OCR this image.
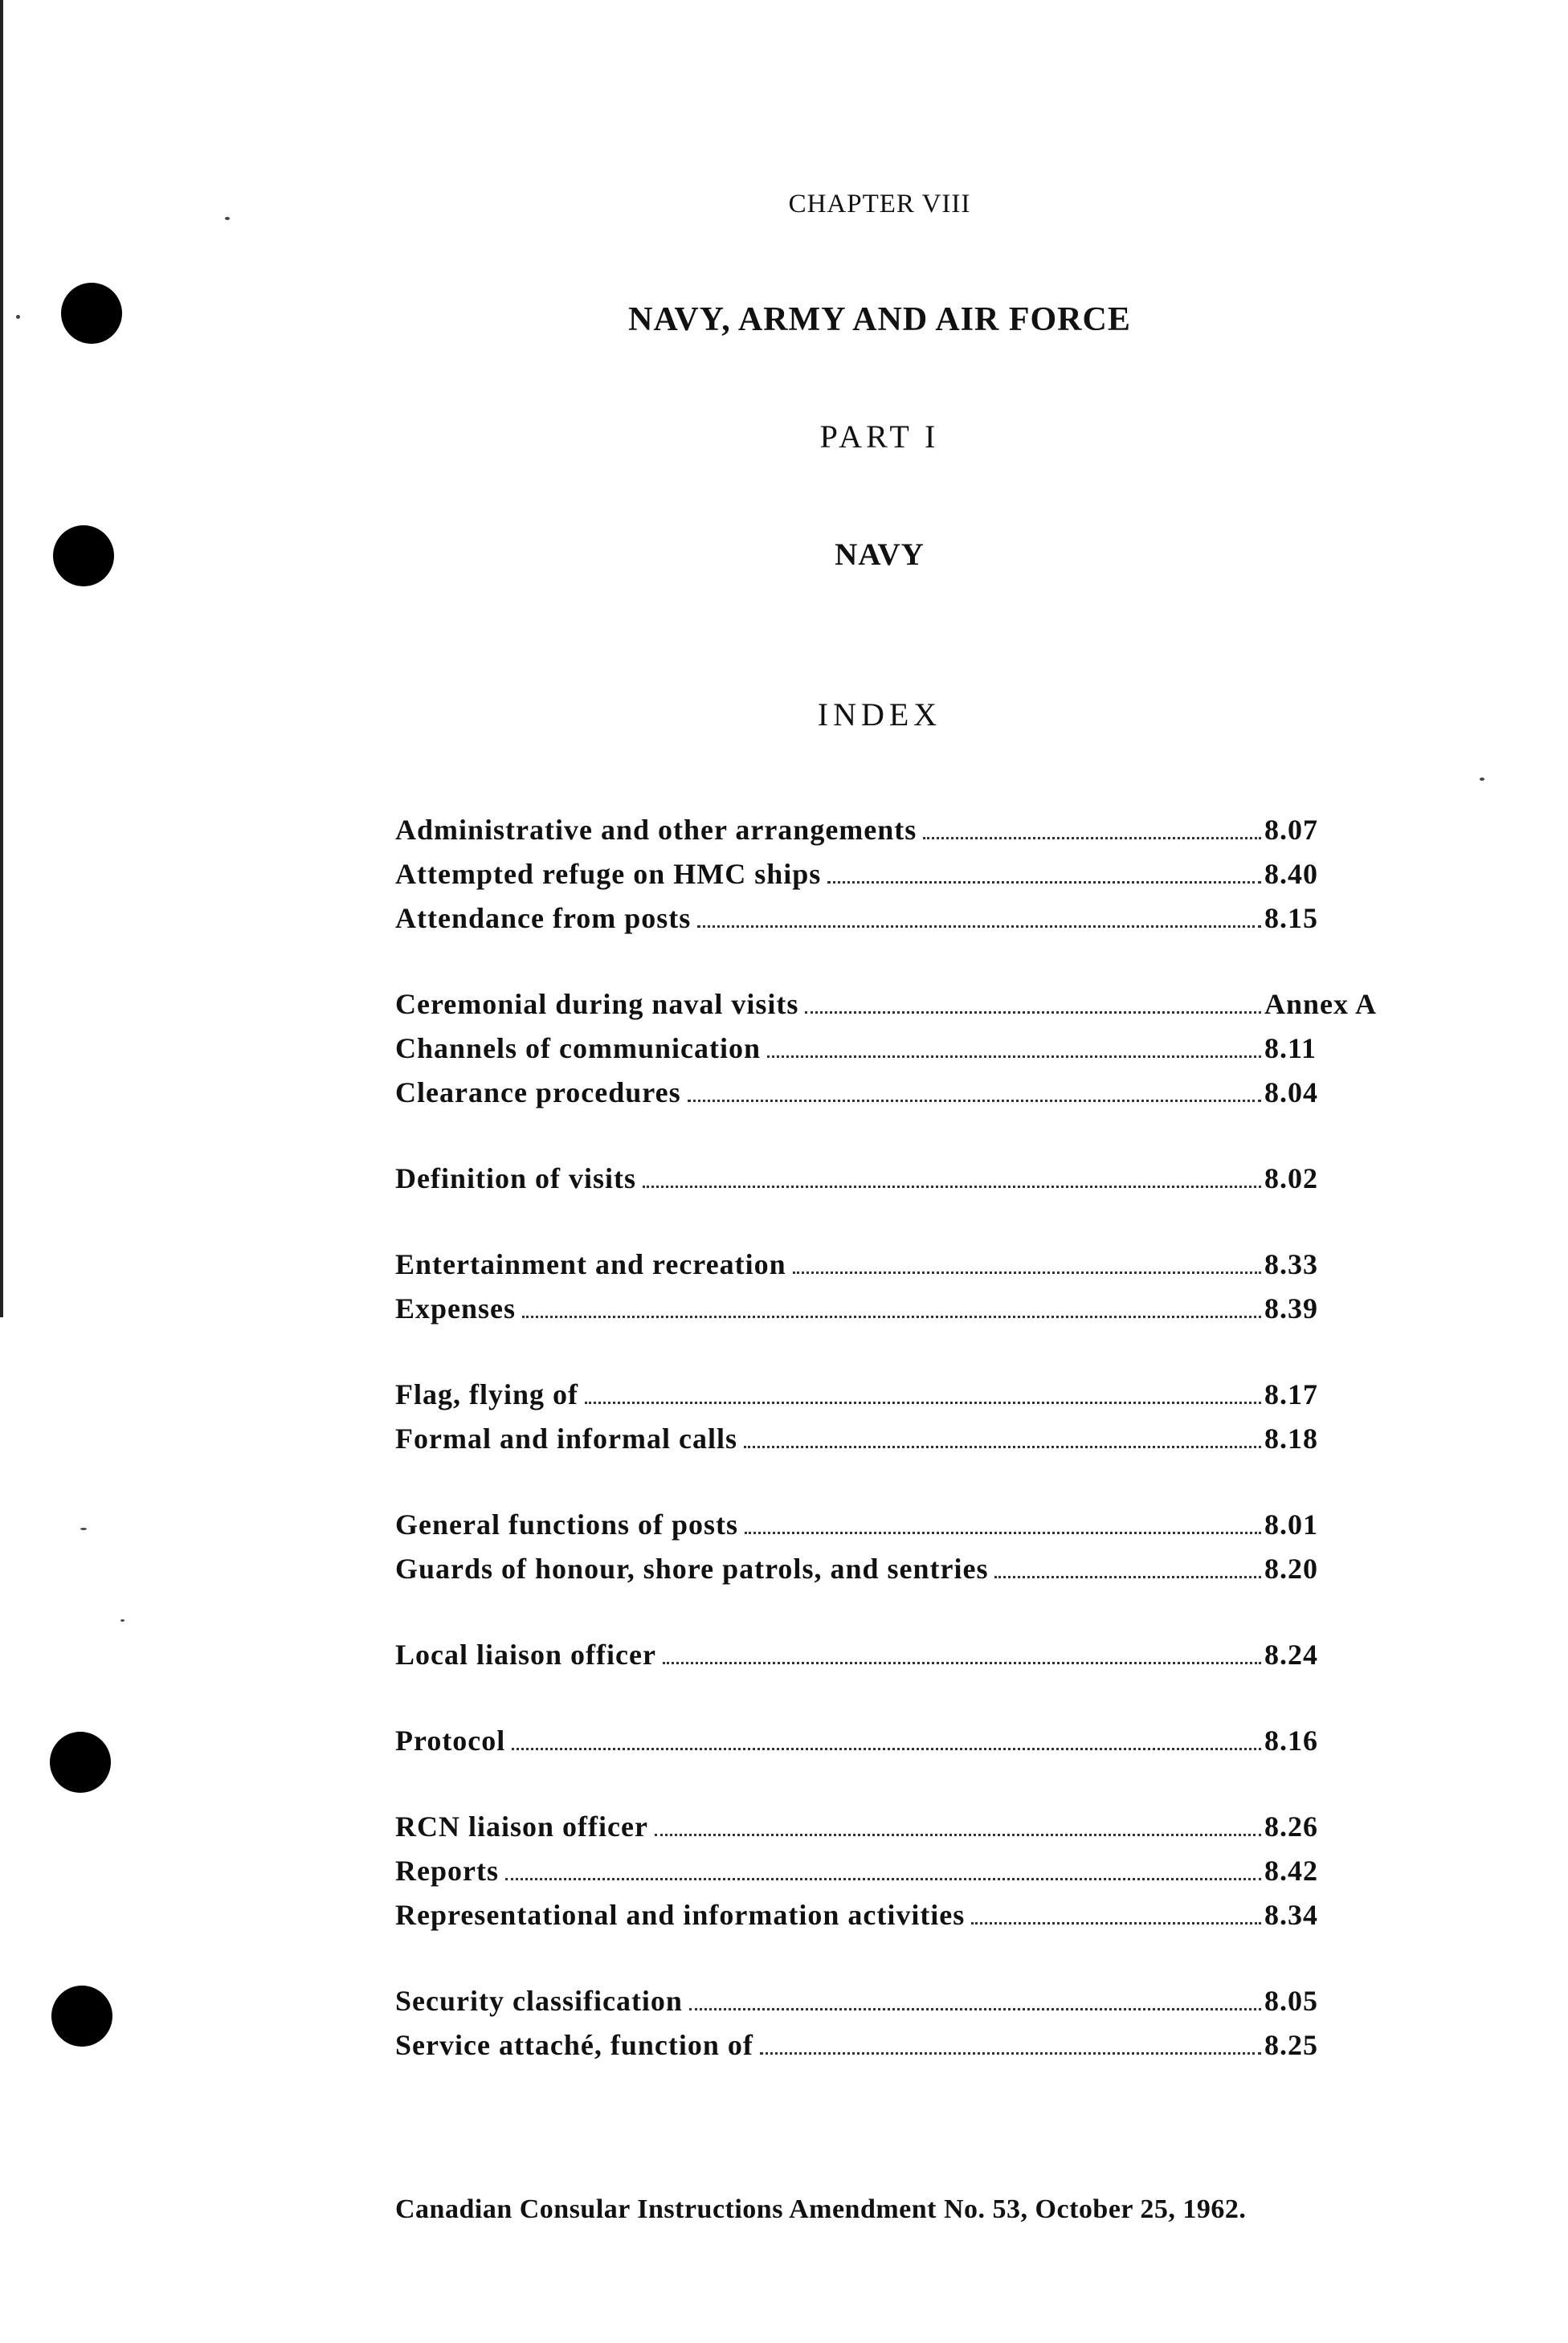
CHAPTER VIII
NAVY, ARMY AND AIR FORCE
PART I
NAVY
INDEX
Administrative and other arrangements	8.07
Attempted refuge on HMC ships	8.40
Attendance from posts	8.15
Ceremonial during naval visits	Annex A
Channels of communication	8.11
Clearance procedures	8.04
Definition of visits	8.02
Entertainment and recreation	8.33
Expenses	8.39
Flag, flying of	8.17
Formal and informal calls	8.18
General functions of posts	8.01
Guards of honour, shore patrols, and sentries	8.20
Local liaison officer	8.24
Protocol	8.16
RCN liaison officer	8.26
Reports	8.42
Representational and information activities	8.34
Security classification	8.05
Service attaché, function of	8.25

Canadian Consular Instructions Amendment No. 53, October 25, 1962.
